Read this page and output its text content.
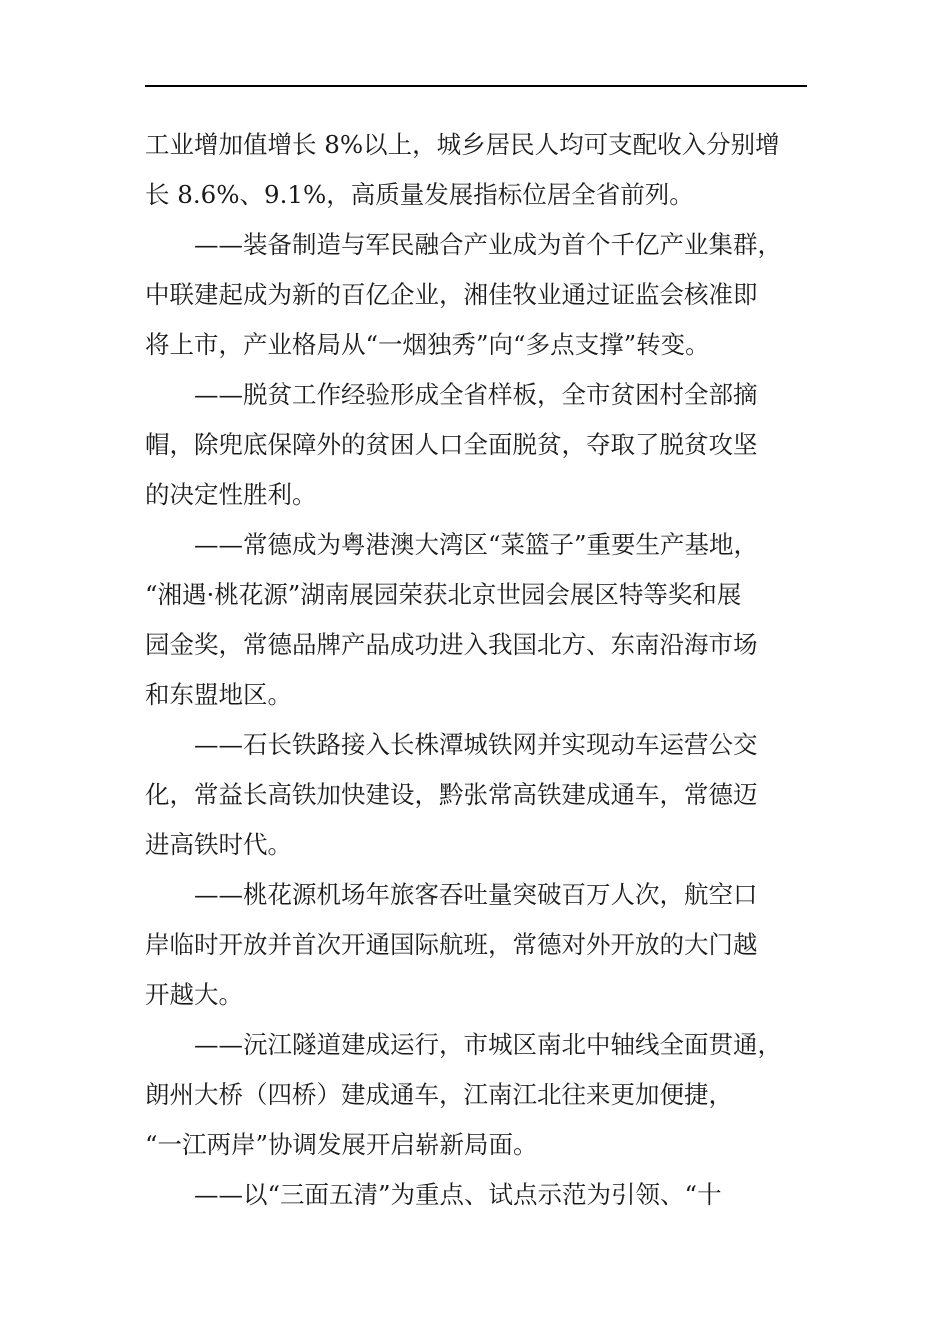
工业增加值增长 8%以上，城乡居民人均可支配收入分别增
长 8.6%、9.1%，高质量发展指标位居全省前列。
——装备制造与军民融合产业成为首个千亿产业集群，
中联建起成为新的百亿企业，湘佳牧业通过证监会核准即
将上市，产业格局从“一烟独秀”向“多点支撑”转变。
——脱贫工作经验形成全省样板，全市贫困村全部摘
帽，除兜底保障外的贫困人口全面脱贫，夺取了脱贫攻坚
的决定性胜利。
——常德成为粤港澳大湾区“菜篮子”重要生产基地，
“湘遇·桃花源”湖南展园荣获北京世园会展区特等奖和展
园金奖，常德品牌产品成功进入我国北方、东南沿海市场
和东盟地区。
——石长铁路接入长株潭城铁网并实现动车运营公交
化，常益长高铁加快建设，黔张常高铁建成通车，常德迈
进高铁时代。
——桃花源机场年旅客吞吐量突破百万人次，航空口
岸临时开放并首次开通国际航班，常德对外开放的大门越
开越大。
——沅江隧道建成运行，市城区南北中轴线全面贯通，
朗州大桥（四桥）建成通车，江南江北往来更加便捷，
“一江两岸”协调发展开启崭新局面。
——以“三面五清”为重点、试点示范为引领、“十
